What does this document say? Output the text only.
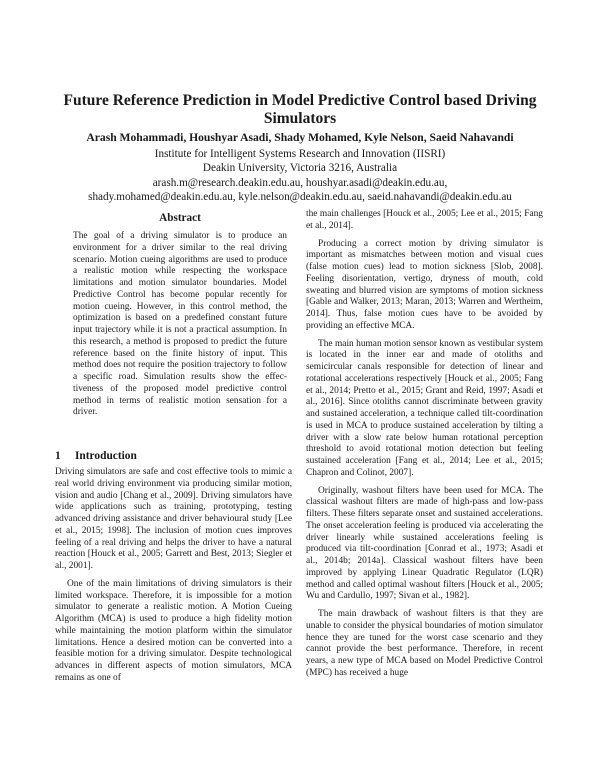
Future Reference Prediction in Model Predictive Control based Driving Simulators
Arash Mohammadi, Houshyar Asadi, Shady Mohamed, Kyle Nelson, Saeid Nahavandi
Institute for Intelligent Systems Research and Innovation (IISRI)
Deakin University, Victoria 3216, Australia
arash.m@research.deakin.edu.au, houshyar.asadi@deakin.edu.au,
shady.mohamed@deakin.edu.au, kyle.nelson@deakin.edu.au, saeid.nahavandi@deakin.edu.au
Abstract

The goal of a driving simulator is to produce an environment for a driver similar to the real driving scenario. Motion cueing algorithms are used to produce a realistic motion while respecting the workspace limitations and motion simulator boundaries. Model Predictive Control has become popular recently for motion cueing. However, in this control method, the optimization is based on a predefined constant future input trajectory while it is not a practical assumption. In this research, a method is proposed to predict the future reference based on the finite history of input. This method does not require the position trajectory to follow a specific road. Simulation results show the effectiveness of the proposed model predictive control method in terms of realistic motion sensation for a driver.

1 Introduction

Driving simulators are safe and cost effective tools to mimic a real world driving environment via producing similar motion, vision and audio [Chang et al., 2009]. Driving simulators have wide applications such as training, prototyping, testing advanced driving assistance and driver behavioural study [Lee et al., 2015; 1998]. The inclusion of motion cues improves feeling of a real driving and helps the driver to have a natural reaction [Houck et al., 2005; Garrett and Best, 2013; Siegler et al., 2001].

One of the main limitations of driving simulators is their limited workspace. Therefore, it is impossible for a motion simulator to generate a realistic motion. A Motion Cueing Algorithm (MCA) is used to produce a high fidelity motion while maintaining the motion platform within the simulator limitations. Hence a desired motion can be converted into a feasible motion for a driving simulator. Despite technological advances in different aspects of motion simulators, MCA remains as one of

the main challenges [Houck et al., 2005; Lee et al., 2015; Fang et al., 2014].

Producing a correct motion by driving simulator is important as mismatches between motion and visual cues (false motion cues) lead to motion sickness [Slob, 2008]. Feeling disorientation, vertigo, dryness of mouth, cold sweating and blurred vision are symptoms of motion sickness [Gable and Walker, 2013; Maran, 2013; Warren and Wertheim, 2014]. Thus, false motion cues have to be avoided by providing an effective MCA.

The main human motion sensor known as vestibular system is located in the inner ear and made of otoliths and semicircular canals responsible for detection of linear and rotational accelerations respectively [Houck et al., 2005; Fang et al., 2014; Pretto et al., 2015; Grant and Reid, 1997; Asadi et al., 2016]. Since otoliths cannot discriminate between gravity and sustained acceleration, a technique called tilt-coordination is used in MCA to produce sustained acceleration by tilting a driver with a slow rate below human rotational perception threshold to avoid rotational motion detection but feeling sustained acceleration [Fang et al., 2014; Lee et al., 2015; Chapron and Colinot, 2007].

Originally, washout filters have been used for MCA. The classical washout filters are made of high-pass and low-pass filters. These filters separate onset and sustained accelerations. The onset acceleration feeling is produced via accelerating the driver linearly while sustained accelerations feeling is produced via tilt-coordination [Conrad et al., 1973; Asadi et al., 2014b; 2014a]. Classical washout filters have been improved by applying Linear Quadratic Regulator (LQR) method and called optimal washout filters [Houck et al., 2005; Wu and Cardullo, 1997; Sivan et al., 1982].

The main drawback of washout filters is that they are unable to consider the physical boundaries of motion simulator hence they are tuned for the worst case scenario and they cannot provide the best performance. Therefore, in recent years, a new type of MCA based on Model Predictive Control (MPC) has received a huge
